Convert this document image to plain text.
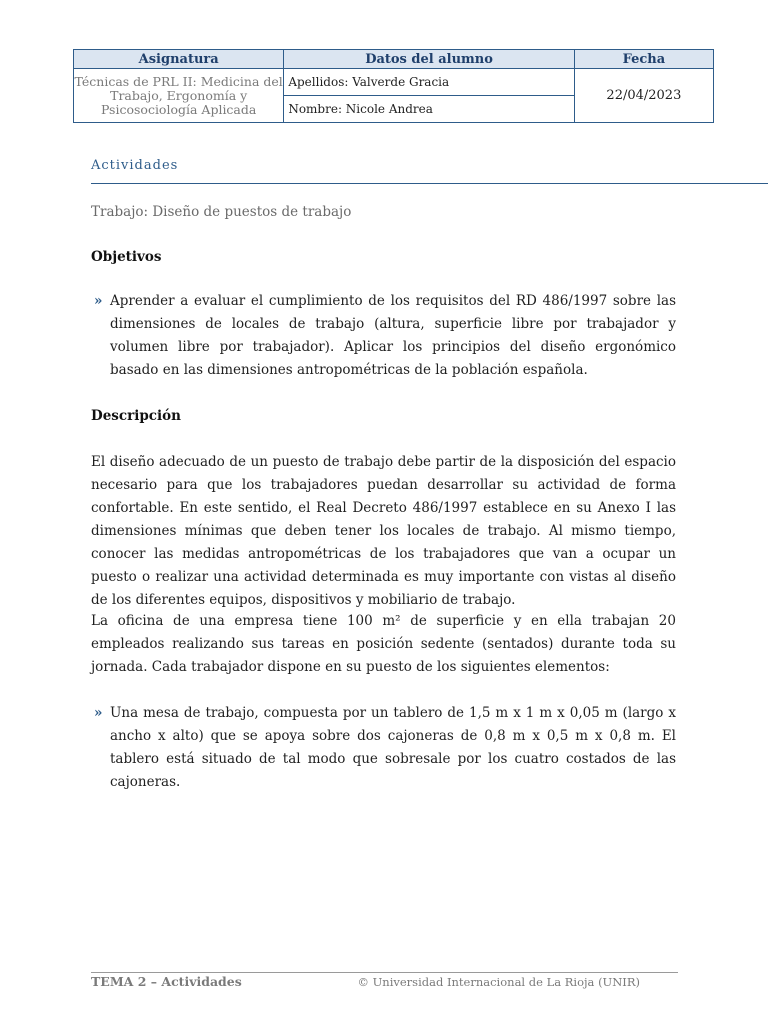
Asignatura	Datos del alumno	Fecha
Técnicas de PRL II: Medicina del Trabajo, Ergonomía y Psicosociología Aplicada	Apellidos: Valverde Gracia	22/04/2023
	Nombre: Nicole Andrea	
Actividades
Trabajo: Diseño de puestos de trabajo
Objetivos
» Aprender a evaluar el cumplimiento de los requisitos del RD 486/1997 sobre las dimensiones de locales de trabajo (altura, superficie libre por trabajador y volumen libre por trabajador). Aplicar los principios del diseño ergonómico basado en las dimensiones antropométricas de la población española.
Descripción
El diseño adecuado de un puesto de trabajo debe partir de la disposición del espacio necesario para que los trabajadores puedan desarrollar su actividad de forma confortable. En este sentido, el Real Decreto 486/1997 establece en su Anexo I las dimensiones mínimas que deben tener los locales de trabajo. Al mismo tiempo, conocer las medidas antropométricas de los trabajadores que van a ocupar un puesto o realizar una actividad determinada es muy importante con vistas al diseño de los diferentes equipos, dispositivos y mobiliario de trabajo.
La oficina de una empresa tiene 100 m² de superficie y en ella trabajan 20 empleados realizando sus tareas en posición sedente (sentados) durante toda su jornada. Cada trabajador dispone en su puesto de los siguientes elementos:
» Una mesa de trabajo, compuesta por un tablero de 1,5 m x 1 m x 0,05 m (largo x ancho x alto) que se apoya sobre dos cajoneras de 0,8 m x 0,5 m x 0,8 m. El tablero está situado de tal modo que sobresale por los cuatro costados de las cajoneras.
TEMA 2 – Actividades	© Universidad Internacional de La Rioja (UNIR)
